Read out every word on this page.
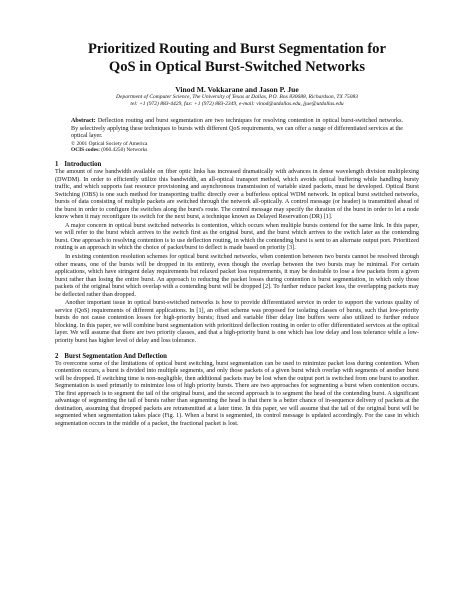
Prioritized Routing and Burst Segmentation for
QoS in Optical Burst-Switched Networks
Vinod M. Vokkarane and Jason P. Jue
Department of Computer Science, The University of Texas at Dallas, P.O. Box 830688, Richardson, TX 75083
tel: +1 (972) 883-4429, fax: +1 (972) 883-2349, e-mail: vinod@utdallas.edu, jjue@utdallas.edu
Abstract: Deflection routing and burst segmentation are two techniques for resolving contention in optical burst-switched networks. By selectively applying these techniques to bursts with different QoS requirements, we can offer a range of differentiated services at the optical layer.
© 2001 Optical Society of America
OCIS codes: (060.4250) Networks
1 Introduction

The amount of raw bandwidth available on fiber optic links has increased dramatically with advances in dense wavelength division multiplexing (DWDM). In order to efficiently utilize this bandwidth, an all-optical transport method, which avoids optical buffering while handling bursty traffic, and which supports fast resource provisioning and asynchronous transmission of variable sized packets, must be developed. Optical Burst Switching (OBS) is one such method for transporting traffic directly over a bufferless optical WDM network. In optical burst switched networks, bursts of data consisting of multiple packets are switched through the network all-optically. A control message (or header) is transmitted ahead of the burst in order to configure the switches along the burst's route. The control message may specify the duration of the burst in order to let a node know when it may reconfigure its switch for the next burst, a technique known as Delayed Reservation (DR) [1].

A major concern in optical burst switched networks is contention, which occurs when multiple bursts contend for the same link. In this paper, we will refer to the burst which arrives to the switch first as the original burst, and the burst which arrives to the switch later as the contending burst. One approach to resolving contention is to use deflection routing, in which the contending burst is sent to an alternate output port. Prioritized routing is an approach in which the choice of packet/burst to deflect is made based on priority [3].

In existing contention resolution schemes for optical burst switched networks, when contention between two bursts cannot be resolved through other means, one of the bursts will be dropped in its entirety, even though the overlap between the two bursts may be minimal. For certain applications, which have stringent delay requirements but relaxed packet loss requirements, it may be desirable to lose a few packets from a given burst rather than losing the entire burst. An approach to reducing the packet losses during contention is burst segmentation, in which only those packets of the original burst which overlap with a contending burst will be dropped [2]. To further reduce packet loss, the overlapping packets may be deflected rather than dropped.

Another important issue in optical burst-switched networks is how to provide differentiated service in order to support the various quality of service (QoS) requirements of different applications. In [1], an offset scheme was proposed for isolating classes of bursts, such that low-priority bursts do not cause contention losses for high-priority bursts; fixed and variable fiber delay line buffers were also utilized to further reduce blocking. In this paper, we will combine burst segmentation with prioritized deflection routing in order to offer differentiated services at the optical layer. We will assume that there are two priority classes, and that a high-priority burst is one which has low delay and loss tolerance while a low-priority burst has higher level of delay and loss tolerance.

2 Burst Segmentation And Deflection

To overcome some of the limitations of optical burst switching, burst segmentation can be used to minimize packet loss during contention. When contention occurs, a burst is divided into multiple segments, and only those packets of a given burst which overlap with segments of another burst will be dropped. If switching time is non-negligible, then additional packets may be lost when the output port is switched from one burst to another. Segmentation is used primarily to minimize loss of high priority bursts. There are two approaches for segmenting a burst when contention occurs. The first approach is to segment the tail of the original burst, and the second approach is to segment the head of the contending burst. A significant advantage of segmenting the tail of bursts rather than segmenting the head is that there is a better chance of in-sequence delivery of packets at the destination, assuming that dropped packets are retransmitted at a later time. In this paper, we will assume that the tail of the original burst will be segmented when segmentation takes place (Fig. 1). When a burst is segmented, its control message is updated accordingly. For the case in which segmentation occurs in the middle of a packet, the fractional packet is lost.
